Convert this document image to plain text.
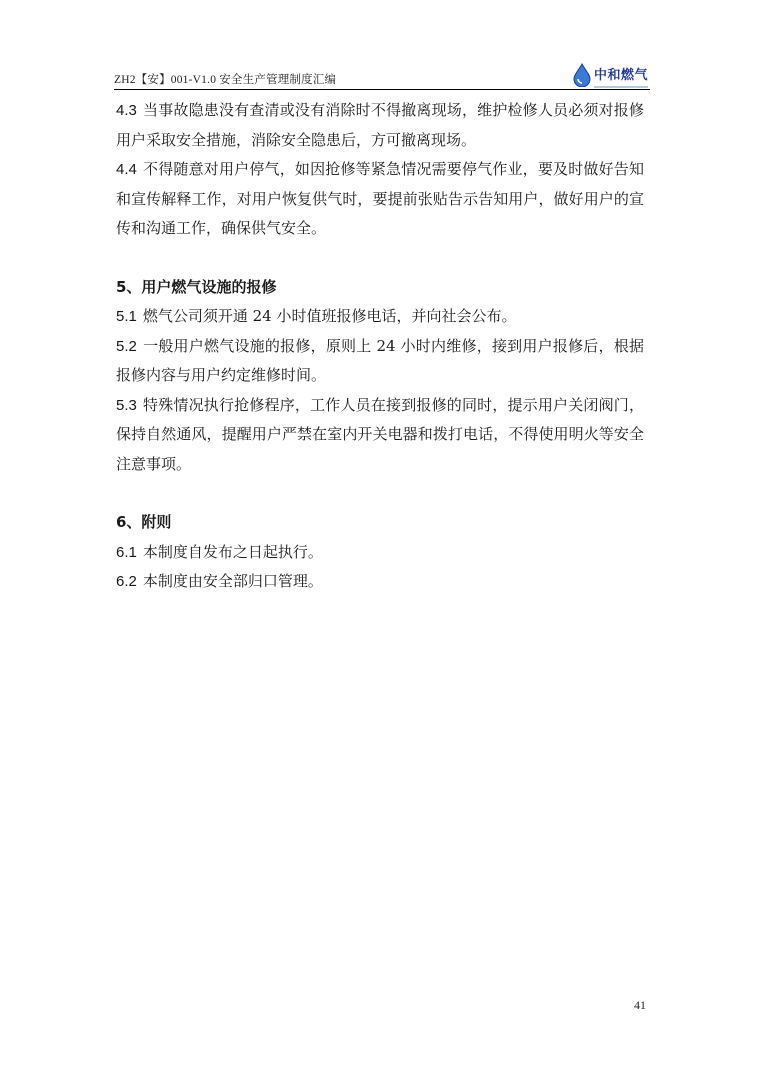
ZH2【安】001-V1.0 安全生产管理制度汇编	中和燃气

4.3 当事故隐患没有查清或没有消除时不得撤离现场，维护检修人员必须对报修用户采取安全措施，消除安全隐患后，方可撤离现场。

4.4 不得随意对用户停气，如因抢修等紧急情况需要停气作业，要及时做好告知和宣传解释工作，对用户恢复供气时，要提前张贴告示告知用户，做好用户的宣传和沟通工作，确保供气安全。

5、用户燃气设施的报修

5.1 燃气公司须开通 24 小时值班报修电话，并向社会公布。

5.2 一般用户燃气设施的报修，原则上 24 小时内维修，接到用户报修后，根据报修内容与用户约定维修时间。

5.3 特殊情况执行抢修程序，工作人员在接到报修的同时，提示用户关闭阀门，保持自然通风，提醒用户严禁在室内开关电器和拨打电话，不得使用明火等安全注意事项。

6、附则

6.1 本制度自发布之日起执行。

6.2 本制度由安全部归口管理。

41
